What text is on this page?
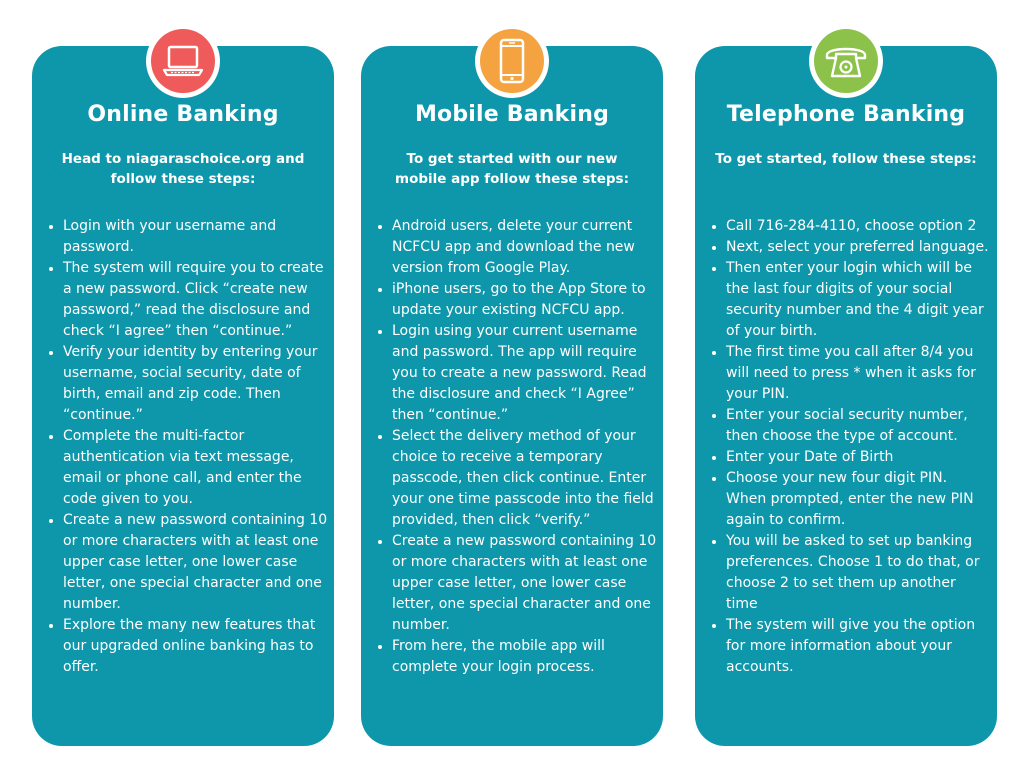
Online Banking
Head to niagaraschoice.org and follow these steps:
• Login with your username and password.
• The system will require you to create a new password. Click “create new password,” read the disclosure and check “I agree” then “continue.”
• Verify your identity by entering your username, social security, date of birth, email and zip code. Then “continue.”
• Complete the multi-factor authentication via text message, email or phone call, and enter the code given to you.
• Create a new password containing 10 or more characters with at least one upper case letter, one lower case letter, one special character and one number.
• Explore the many new features that our upgraded online banking has to offer.
Mobile Banking
To get started with our new mobile app follow these steps:
• Android users, delete your current NCFCU app and download the new version from Google Play.
• iPhone users, go to the App Store to update your existing NCFCU app.
• Login using your current username and password. The app will require you to create a new password. Read the disclosure and check “I Agree” then “continue.”
• Select the delivery method of your choice to receive a temporary passcode, then click continue. Enter your one time passcode into the field provided, then click “verify.”
• Create a new password containing 10 or more characters with at least one upper case letter, one lower case letter, one special character and one number.
• From here, the mobile app will complete your login process.
Telephone Banking
To get started, follow these steps:
• Call 716-284-4110, choose option 2
• Next, select your preferred language.
• Then enter your login which will be the last four digits of your social security number and the 4 digit year of your birth.
• The first time you call after 8/4 you will need to press * when it asks for your PIN.
• Enter your social security number, then choose the type of account.
• Enter your Date of Birth
• Choose your new four digit PIN. When prompted, enter the new PIN again to confirm.
• You will be asked to set up banking preferences. Choose 1 to do that, or choose 2 to set them up another time
• The system will give you the option for more information about your accounts.
